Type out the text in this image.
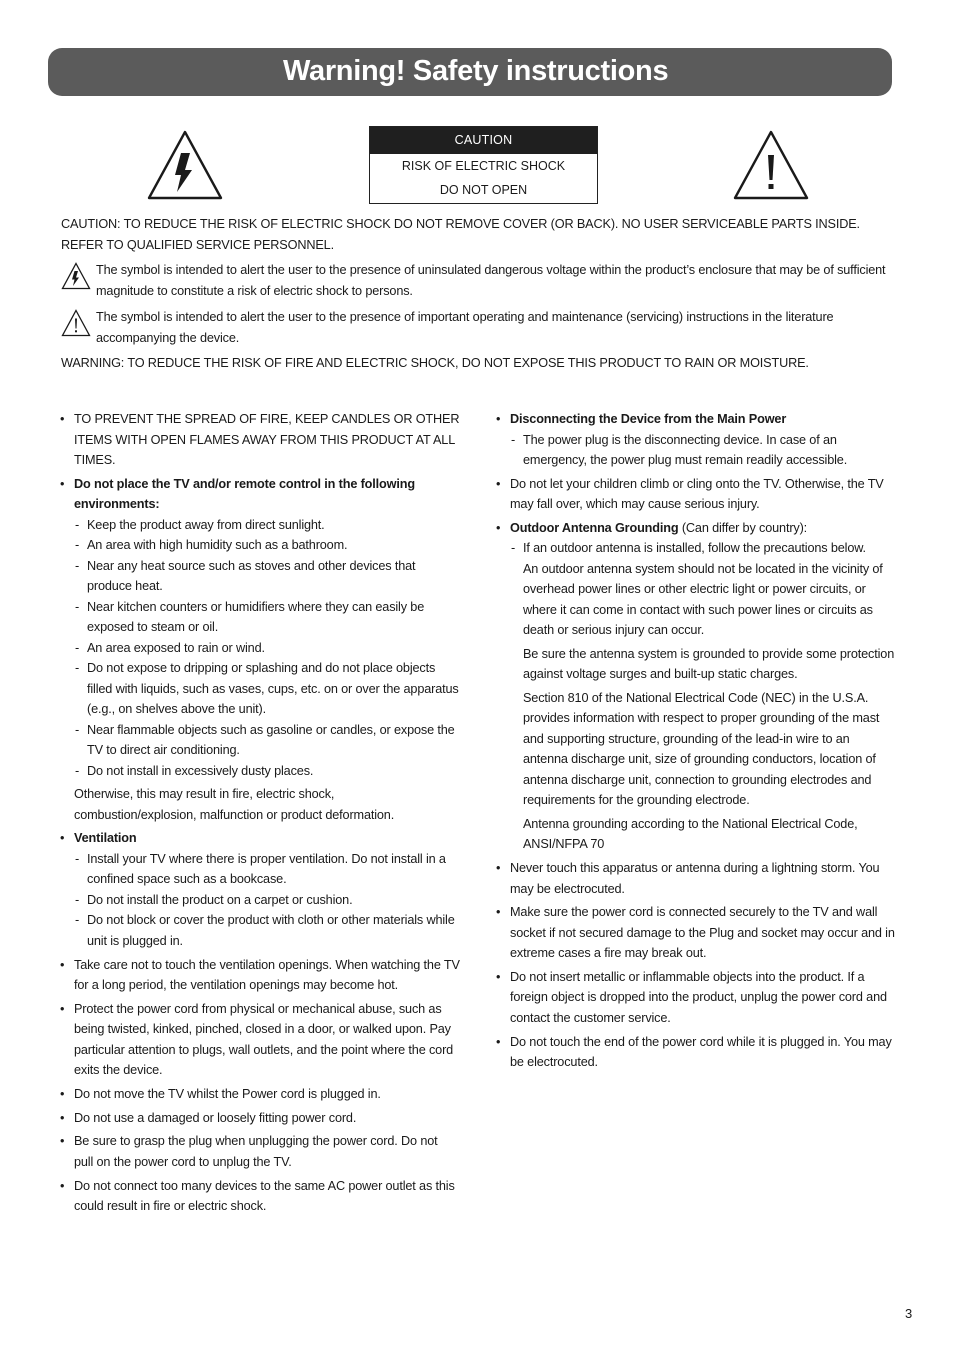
Warning! Safety instructions
CAUTION
RISK OF ELECTRIC SHOCK
DO NOT OPEN
CAUTION: TO REDUCE THE RISK OF ELECTRIC SHOCK DO NOT REMOVE COVER (OR BACK). NO USER SERVICEABLE PARTS INSIDE. REFER TO QUALIFIED SERVICE PERSONNEL.
The symbol is intended to alert the user to the presence of uninsulated dangerous voltage within the product’s enclosure that may be of sufficient magnitude to constitute a risk of electric shock to persons.
The symbol is intended to alert the user to the presence of important operating and maintenance (servicing) instructions in the literature accompanying the device.
WARNING: TO REDUCE THE RISK OF FIRE AND ELECTRIC SHOCK, DO NOT EXPOSE THIS PRODUCT TO RAIN OR MOISTURE.
• TO PREVENT THE SPREAD OF FIRE, KEEP CANDLES OR OTHER ITEMS WITH OPEN FLAMES AWAY FROM THIS PRODUCT AT ALL TIMES.
• Do not place the TV and/or remote control in the following environments:
- Keep the product away from direct sunlight.
- An area with high humidity such as a bathroom.
- Near any heat source such as stoves and other devices that produce heat.
- Near kitchen counters or humidifiers where they can easily be exposed to steam or oil.
- An area exposed to rain or wind.
- Do not expose to dripping or splashing and do not place objects filled with liquids, such as vases, cups, etc. on or over the apparatus (e.g., on shelves above the unit).
- Near flammable objects such as gasoline or candles, or expose the TV to direct air conditioning.
- Do not install in excessively dusty places.

Otherwise, this may result in fire, electric shock, combustion/explosion, malfunction or product deformation.

• Ventilation
- Install your TV where there is proper ventilation. Do not install in a confined space such as a bookcase.
- Do not install the product on a carpet or cushion.
- Do not block or cover the product with cloth or other materials while unit is plugged in.
• Take care not to touch the ventilation openings. When watching the TV for a long period, the ventilation openings may become hot.
• Protect the power cord from physical or mechanical abuse, such as being twisted, kinked, pinched, closed in a door, or walked upon. Pay particular attention to plugs, wall outlets, and the point where the cord exits the device.
• Do not move the TV whilst the Power cord is plugged in.
• Do not use a damaged or loosely fitting power cord.
• Be sure to grasp the plug when unplugging the power cord. Do not pull on the power cord to unplug the TV.
• Do not connect too many devices to the same AC power outlet as this could result in fire or electric shock.
• Disconnecting the Device from the Main Power
- The power plug is the disconnecting device. In case of an emergency, the power plug must remain readily accessible.
• Do not let your children climb or cling onto the TV. Otherwise, the TV may fall over, which may cause serious injury.
• Outdoor Antenna Grounding (Can differ by country):
- If an outdoor antenna is installed, follow the precautions below.

An outdoor antenna system should not be located in the vicinity of overhead power lines or other electric light or power circuits, or where it can come in contact with such power lines or circuits as death or serious injury can occur.

Be sure the antenna system is grounded to provide some protection against voltage surges and built-up static charges.

Section 810 of the National Electrical Code (NEC) in the U.S.A. provides information with respect to proper grounding of the mast and supporting structure, grounding of the lead-in wire to an antenna discharge unit, size of grounding conductors, location of antenna discharge unit, connection to grounding electrodes and requirements for the grounding electrode.

Antenna grounding according to the National Electrical Code, ANSI/NFPA 70

• Never touch this apparatus or antenna during a lightning storm. You may be electrocuted.
• Make sure the power cord is connected securely to the TV and wall socket if not secured damage to the Plug and socket may occur and in extreme cases a fire may break out.
• Do not insert metallic or inflammable objects into the product. If a foreign object is dropped into the product, unplug the power cord and contact the customer service.
• Do not touch the end of the power cord while it is plugged in. You may be electrocuted.
3
